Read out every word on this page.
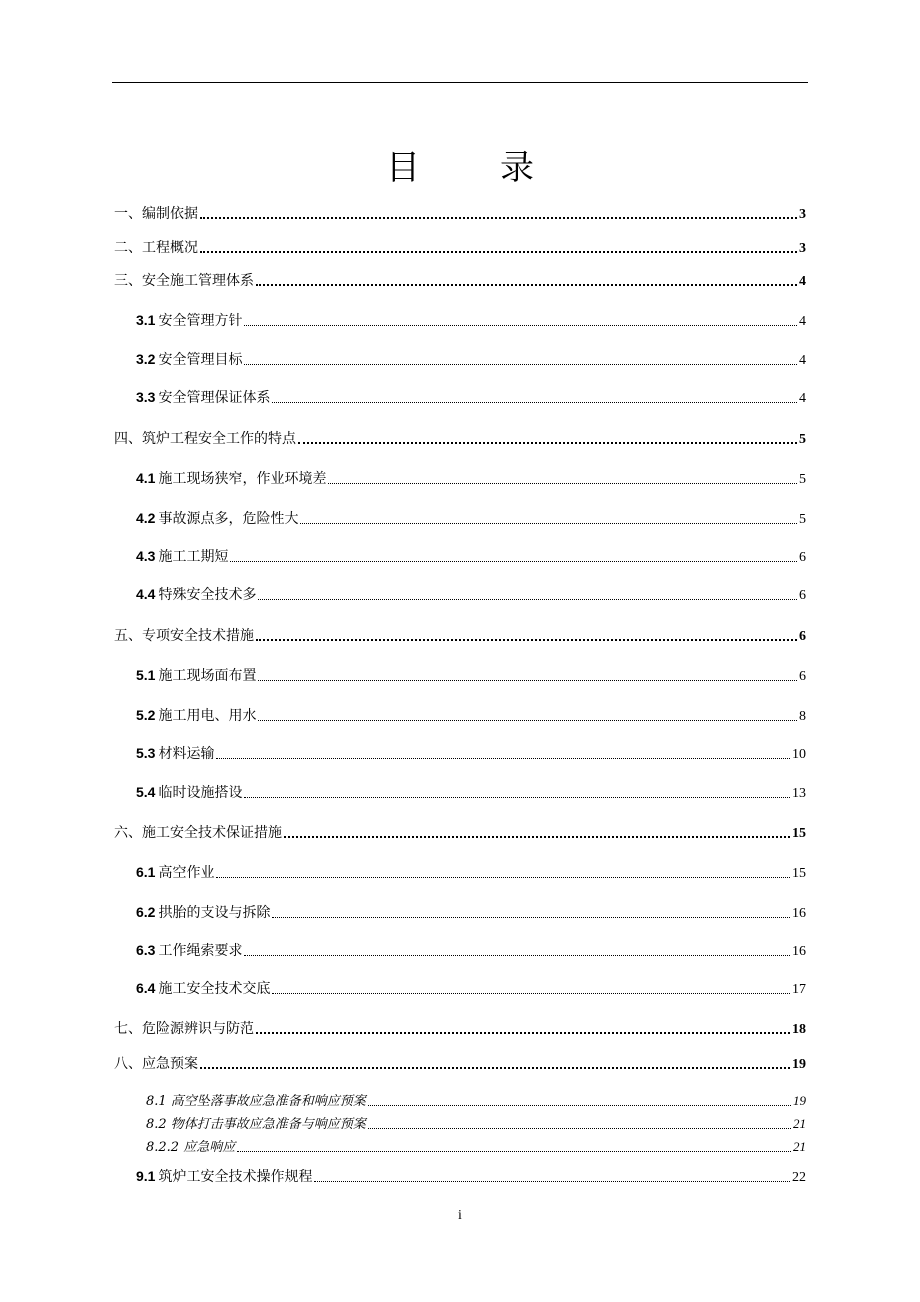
目 录
一、编制依据	3
二、工程概况	3
三、安全施工管理体系	4
3.1 安全管理方针	4
3.2 安全管理目标	4
3.3 安全管理保证体系	4
四、筑炉工程安全工作的特点	5
4.1 施工现场狭窄，作业环境差	5
4.2 事故源点多，危险性大	5
4.3 施工工期短	6
4.4 特殊安全技术多	6
五、专项安全技术措施	6
5.1 施工现场面布置	6
5.2 施工用电、用水	8
5.3 材料运输	10
5.4 临时设施搭设	13
六、施工安全技术保证措施	15
6.1 高空作业	15
6.2 拱胎的支设与拆除	16
6.3 工作绳索要求	16
6.4 施工安全技术交底	17
七、危险源辨识与防范	18
八、应急预案	19
8.1 高空坠落事故应急准备和响应预案	19
8.2 物体打击事故应急准备与响应预案	21
8.2.2 应急响应	21
9.1 筑炉工安全技术操作规程	22
i
